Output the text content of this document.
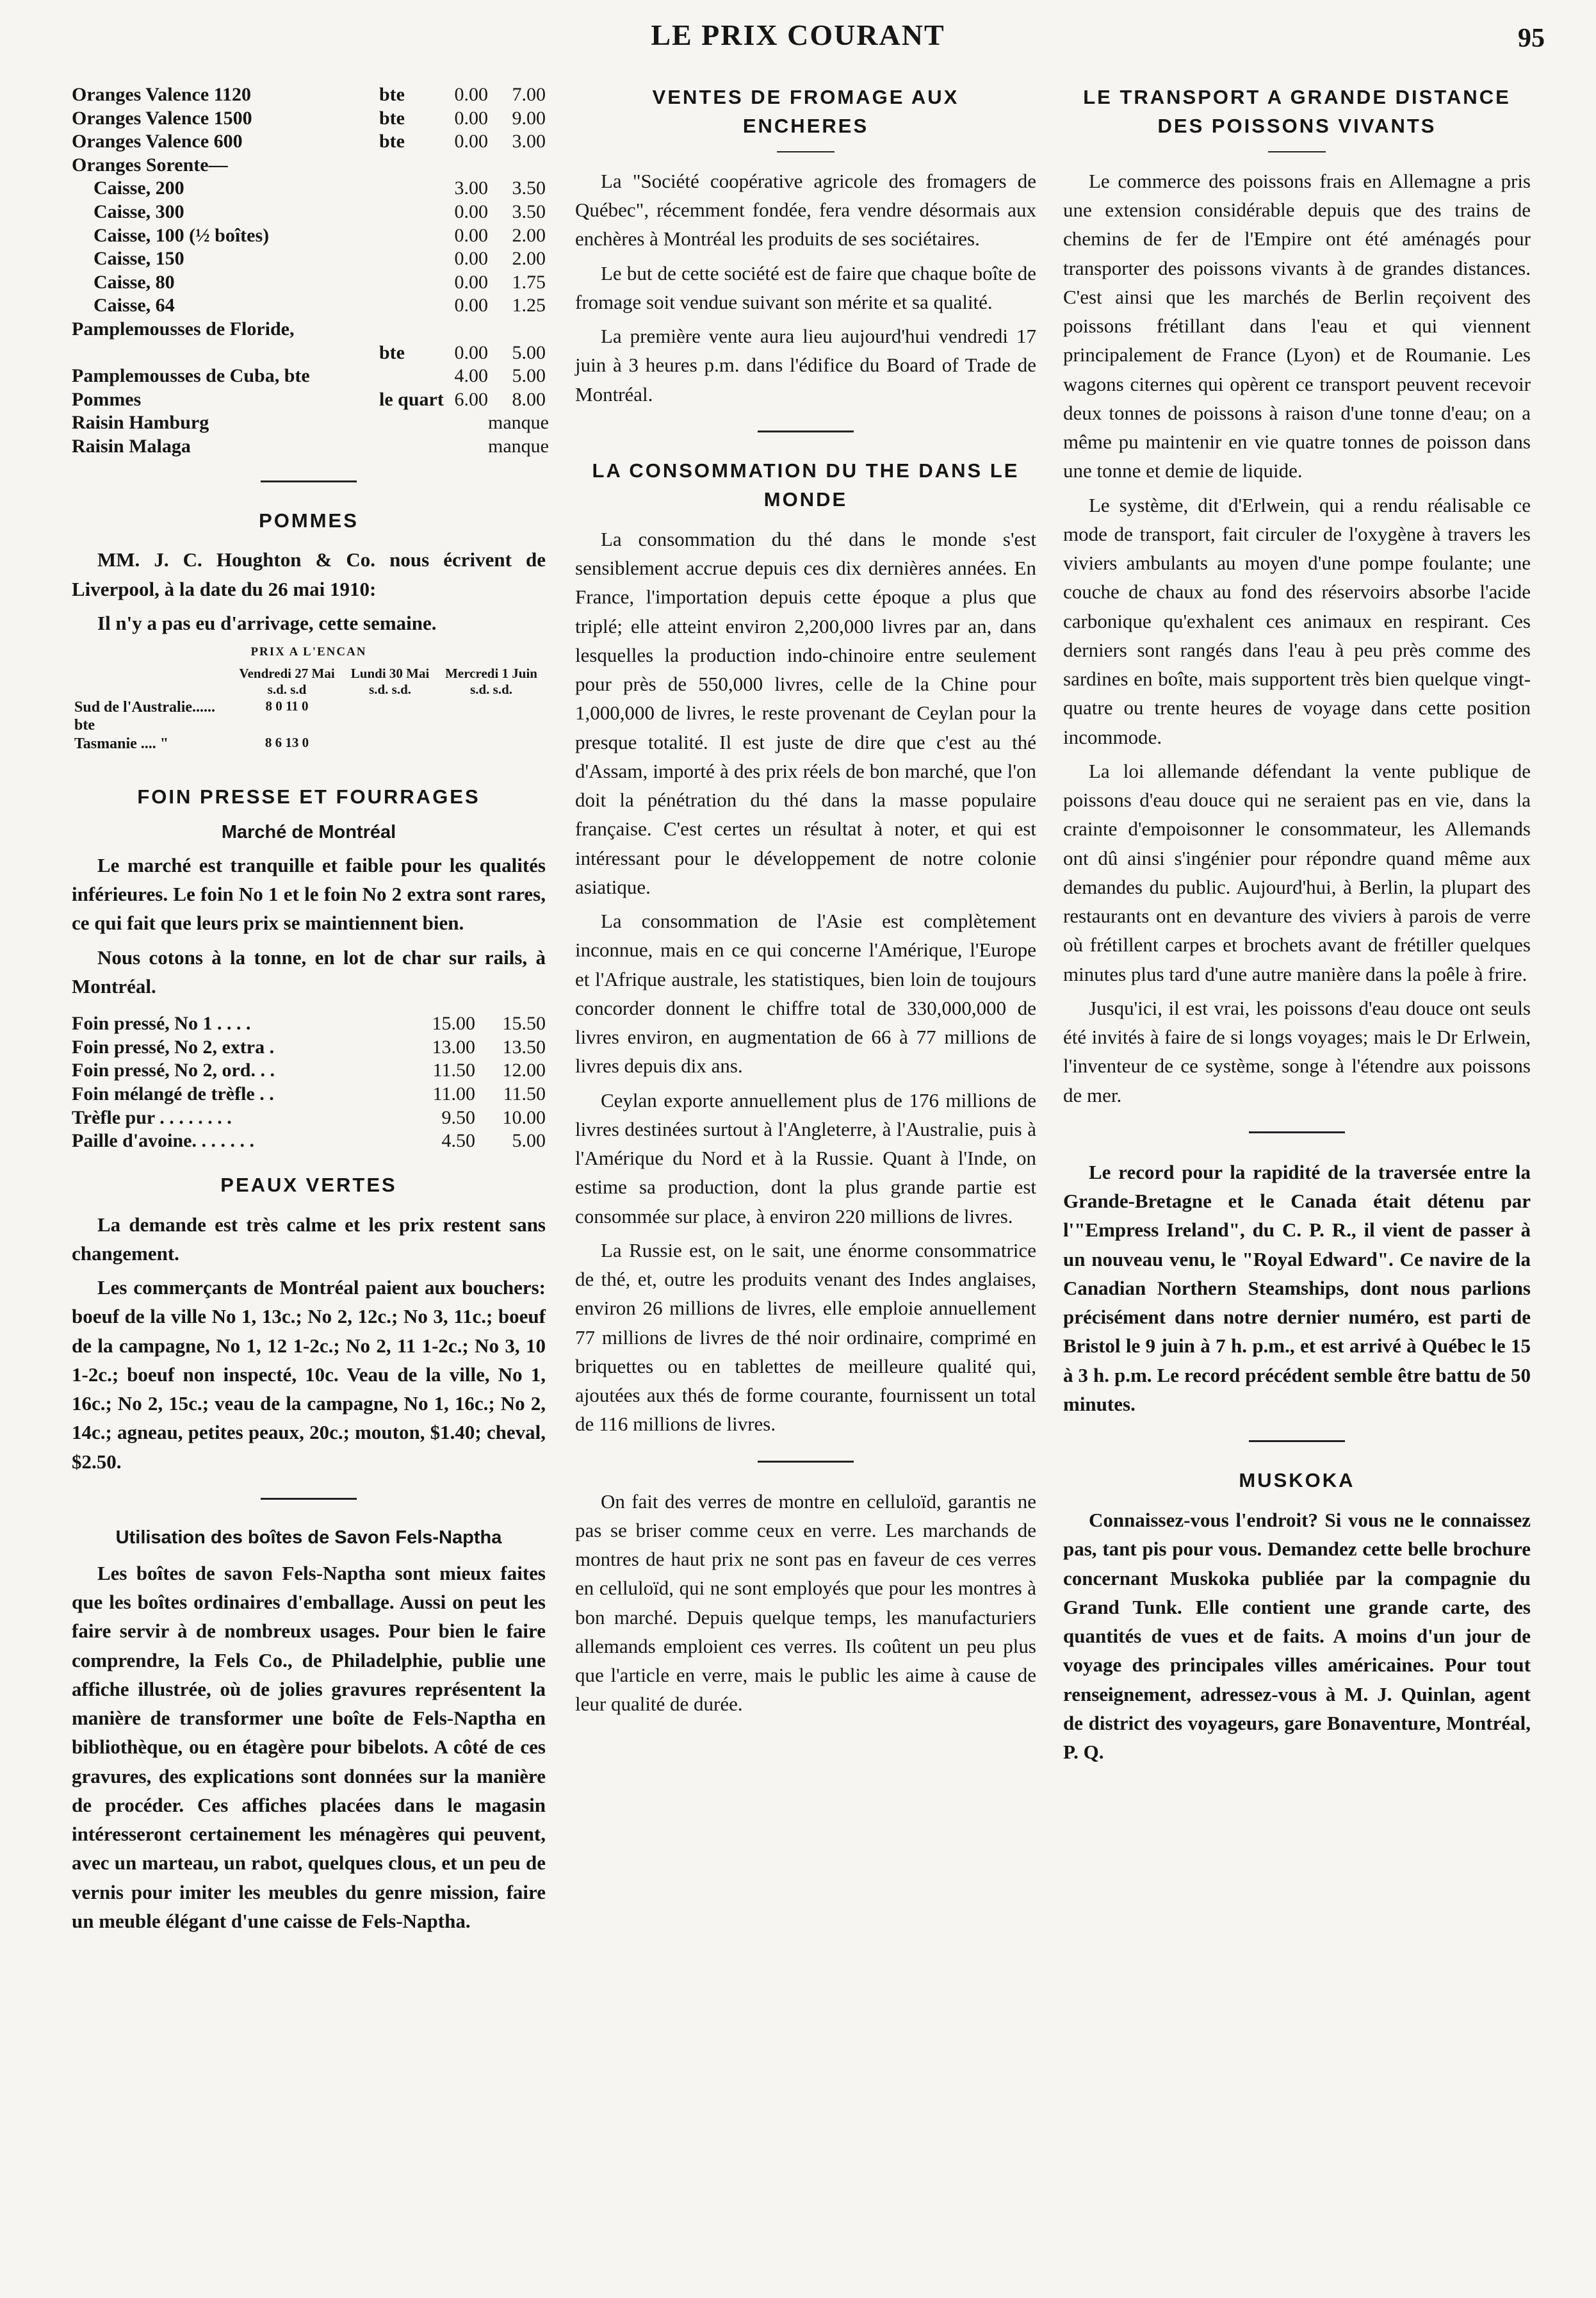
LE PRIX COURANT	95
Oranges Valence 1120	bte	0.00	7.00
Oranges Valence 1500	bte	0.00	9.00
Oranges Valence 600	bte	0.00	3.00
Oranges Sorente—
Caisse, 200	3.00	3.50
Caisse, 300	0.00	3.50
Caisse, 100 (½ boîtes)	0.00	2.00
Caisse, 150	0.00	2.00
Caisse, 80	0.00	1.75
Caisse, 64	0.00	1.25
Pamplemousses de Floride,
bte	0.00	5.00
Pamplemousses de Cuba, bte	4.00	5.00
Pommes	le quart 6.00	8.00
Raisin Hamburg	manque
Raisin Malaga	manque
POMMES

MM. J. C. Houghton & Co. nous écrivent de Liverpool, à la date du 26 mai 1910:

Il n'y a pas eu d'arrivage, cette semaine.

PRIX A L'ENCAN
	Vendredi 27 Mai	Lundi 30 Mai	Mercredi 1 Juin
	s.d. s.d	s.d. s.d.	s.d. s.d.
Sud de l'Australie...... bte	8 0 11 0		
Tasmanie .... "	8 6 13 0		
FOIN PRESSE ET FOURRAGES
Marché de Montréal

Le marché est tranquille et faible pour les qualités inférieures. Le foin No 1 et le foin No 2 extra sont rares, ce qui fait que leurs prix se maintiennent bien.

Nous cotons à la tonne, en lot de char sur rails, à Montréal.

Foin pressé, No 1 . . . .	15.00	15.50
Foin pressé, No 2, extra .	13.00	13.50
Foin pressé, No 2, ord. . .	11.50	12.00
Foin mélangé de trèfle . .	11.00	11.50
Trèfle pur . . . . . . . .	9.50	10.00
Paille d'avoine. . . . . . .	4.50	5.00
PEAUX VERTES

La demande est très calme et les prix restent sans changement.

Les commerçants de Montréal paient aux bouchers: boeuf de la ville No 1, 13c.; No 2, 12c.; No 3, 11c.; boeuf de la campagne, No 1, 12 1-2c.; No 2, 11 1-2c.; No 3, 10 1-2c.; boeuf non inspecté, 10c. Veau de la ville, No 1, 16c.; No 2, 15c.; veau de la campagne, No 1, 16c.; No 2, 14c.; agneau, petites peaux, 20c.; mouton, $1.40; cheval, $2.50.

Utilisation des boîtes de Savon Fels-Naptha

Les boîtes de savon Fels-Naptha sont mieux faites que les boîtes ordinaires d'emballage. Aussi on peut les faire servir à de nombreux usages. Pour bien le faire comprendre, la Fels Co., de Philadelphie, publie une affiche illustrée, où de jolies gravures représentent la manière de transformer une boîte de Fels-Naptha en bibliothèque, ou en étagère pour bibelots. A côté de ces gravures, des explications sont données sur la manière de procéder. Ces affiches placées dans le magasin intéresseront certainement les ménagères qui peuvent, avec un marteau, un rabot, quelques clous, et un peu de vernis pour imiter les meubles du genre mission, faire un meuble élégant d'une caisse de Fels-Naptha.

VENTES DE FROMAGE AUX ENCHERES

La "Société coopérative agricole des fromagers de Québec", récemment fondée, fera vendre désormais aux enchères à Montréal les produits de ses sociétaires.

Le but de cette société est de faire que chaque boîte de fromage soit vendue suivant son mérite et sa qualité.

La première vente aura lieu aujourd'hui vendredi 17 juin à 3 heures p.m. dans l'édifice du Board of Trade de Montréal.

LA CONSOMMATION DU THE DANS LE MONDE

La consommation du thé dans le monde s'est sensiblement accrue depuis ces dix dernières années. En France, l'importation depuis cette époque a plus que triplé; elle atteint environ 2,200,000 livres par an, dans lesquelles la production indo-chinoire entre seulement pour près de 550,000 livres, celle de la Chine pour 1,000,000 de livres, le reste provenant de Ceylan pour la presque totalité. Il est juste de dire que c'est au thé d'Assam, importé à des prix réels de bon marché, que l'on doit la pénétration du thé dans la masse populaire française. C'est certes un résultat à noter, et qui est intéressant pour le développement de notre colonie asiatique.

La consommation de l'Asie est complètement inconnue, mais en ce qui concerne l'Amérique, l'Europe et l'Afrique australe, les statistiques, bien loin de toujours concorder donnent le chiffre total de 330,000,000 de livres environ, en augmentation de 66 à 77 millions de livres depuis dix ans.

Ceylan exporte annuellement plus de 176 millions de livres destinées surtout à l'Angleterre, à l'Australie, puis à l'Amérique du Nord et à la Russie. Quant à l'Inde, on estime sa production, dont la plus grande partie est consommée sur place, à environ 220 millions de livres.

La Russie est, on le sait, une énorme consommatrice de thé, et, outre les produits venant des Indes anglaises, environ 26 millions de livres, elle emploie annuellement 77 millions de livres de thé noir ordinaire, comprimé en briquettes ou en tablettes de meilleure qualité qui, ajoutées aux thés de forme courante, fournissent un total de 116 millions de livres.

On fait des verres de montre en celluloïd, garantis ne pas se briser comme ceux en verre. Les marchands de montres de haut prix ne sont pas en faveur de ces verres en celluloïd, qui ne sont employés que pour les montres à bon marché. Depuis quelque temps, les manufacturiers allemands emploient ces verres. Ils coûtent un peu plus que l'article en verre, mais le public les aime à cause de leur qualité de durée.

LE TRANSPORT A GRANDE DISTANCE DES POISSONS VIVANTS

Le commerce des poissons frais en Allemagne a pris une extension considérable depuis que des trains de chemins de fer de l'Empire ont été aménagés pour transporter des poissons vivants à de grandes distances. C'est ainsi que les marchés de Berlin reçoivent des poissons frétillant dans l'eau et qui viennent principalement de France (Lyon) et de Roumanie. Les wagons citernes qui opèrent ce transport peuvent recevoir deux tonnes de poissons à raison d'une tonne d'eau; on a même pu maintenir en vie quatre tonnes de poisson dans une tonne et demie de liquide.

Le système, dit d'Erlwein, qui a rendu réalisable ce mode de transport, fait circuler de l'oxygène à travers les viviers ambulants au moyen d'une pompe foulante; une couche de chaux au fond des réservoirs absorbe l'acide carbonique qu'exhalent ces animaux en respirant. Ces derniers sont rangés dans l'eau à peu près comme des sardines en boîte, mais supportent très bien quelque vingt-quatre ou trente heures de voyage dans cette position incommode.

La loi allemande défendant la vente publique de poissons d'eau douce qui ne seraient pas en vie, dans la crainte d'empoisonner le consommateur, les Allemands ont dû ainsi s'ingénier pour répondre quand même aux demandes du public. Aujourd'hui, à Berlin, la plupart des restaurants ont en devanture des viviers à parois de verre où frétillent carpes et brochets avant de frétiller quelques minutes plus tard d'une autre manière dans la poêle à frire.

Jusqu'ici, il est vrai, les poissons d'eau douce ont seuls été invités à faire de si longs voyages; mais le Dr Erlwein, l'inventeur de ce système, songe à l'étendre aux poissons de mer.

Le record pour la rapidité de la traversée entre la Grande-Bretagne et le Canada était détenu par l'"Empress Ireland", du C. P. R., il vient de passer à un nouveau venu, le "Royal Edward". Ce navire de la Canadian Northern Steamships, dont nous parlions précisément dans notre dernier numéro, est parti de Bristol le 9 juin à 7 h. p.m., et est arrivé à Québec le 15 à 3 h. p.m. Le record précédent semble être battu de 50 minutes.

MUSKOKA

Connaissez-vous l'endroit? Si vous ne le connaissez pas, tant pis pour vous. Demandez cette belle brochure concernant Muskoka publiée par la compagnie du Grand Tunk. Elle contient une grande carte, des quantités de vues et de faits. A moins d'un jour de voyage des principales villes américaines. Pour tout renseignement, adressez-vous à M. J. Quinlan, agent de district des voyageurs, gare Bonaventure, Montréal, P. Q.
